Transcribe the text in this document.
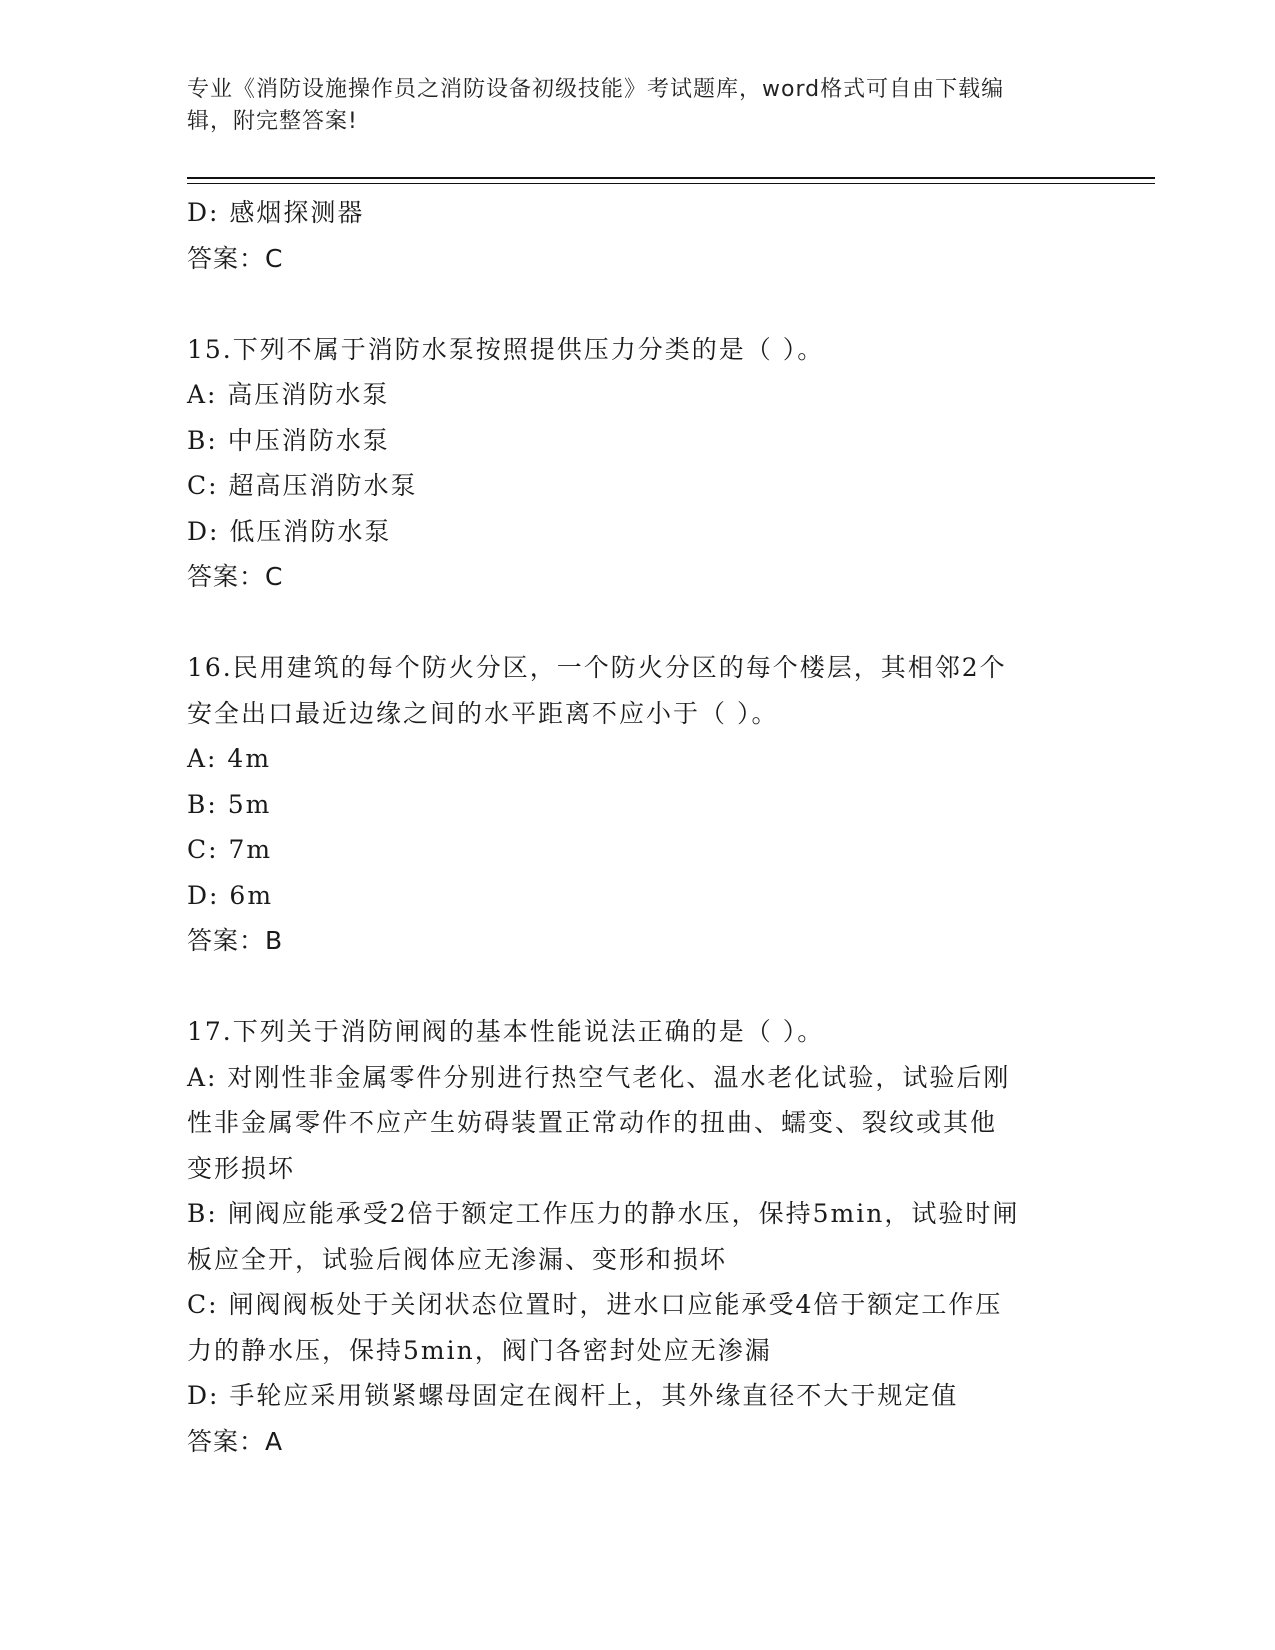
专业《消防设施操作员之消防设备初级技能》考试题库，word格式可自由下载编
辑，附完整答案!
D: 感烟探测器
答案：C
15.下列不属于消防水泵按照提供压力分类的是（ ）。
A: 高压消防水泵
B: 中压消防水泵
C: 超高压消防水泵
D: 低压消防水泵
答案：C
16.民用建筑的每个防火分区，一个防火分区的每个楼层，其相邻2个
安全出口最近边缘之间的水平距离不应小于（ ）。
A: 4m
B: 5m
C: 7m
D: 6m
答案：B
17.下列关于消防闸阀的基本性能说法正确的是（ ）。
A: 对刚性非金属零件分别进行热空气老化、温水老化试验，试验后刚
性非金属零件不应产生妨碍装置正常动作的扭曲、蠕变、裂纹或其他
变形损坏
B: 闸阀应能承受2倍于额定工作压力的静水压，保持5min，试验时闸
板应全开，试验后阀体应无渗漏、变形和损坏
C: 闸阀阀板处于关闭状态位置时，进水口应能承受4倍于额定工作压
力的静水压，保持5min，阀门各密封处应无渗漏
D: 手轮应采用锁紧螺母固定在阀杆上，其外缘直径不大于规定值
答案：A
